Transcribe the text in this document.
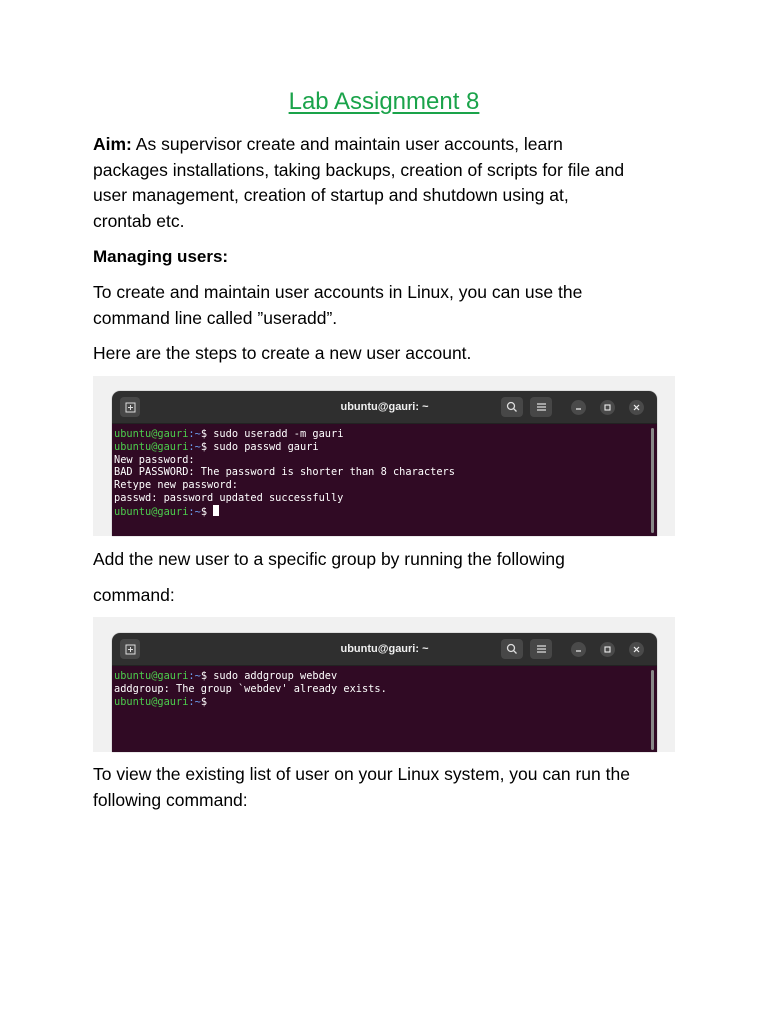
Lab Assignment 8

Aim: As supervisor create and maintain user accounts, learn
packages installations, taking backups, creation of scripts for file and
user management, creation of startup and shutdown using at,
crontab etc.

Managing users:

To create and maintain user accounts in Linux, you can use the
command line called ”useradd”.

Here are the steps to create a new user account.

ubuntu@gauri: ~
ubuntu@gauri:~$ sudo useradd -m gauri
ubuntu@gauri:~$ sudo passwd gauri
New password:
BAD PASSWORD: The password is shorter than 8 characters
Retype new password:
passwd: password updated successfully
ubuntu@gauri:~$

Add the new user to a specific group by running the following

command:

ubuntu@gauri: ~
ubuntu@gauri:~$ sudo addgroup webdev
addgroup: The group `webdev' already exists.
ubuntu@gauri:~$

To view the existing list of user on your Linux system, you can run the
following command:
